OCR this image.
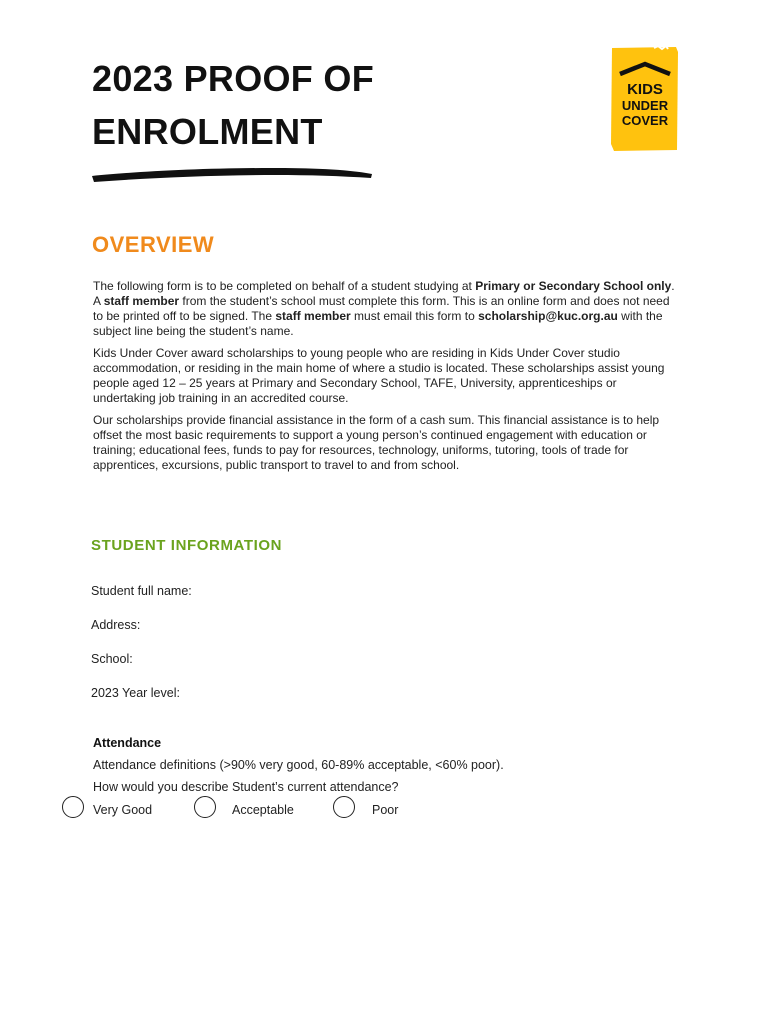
2023 PROOF OF
ENROLMENT
KIDS
UNDER
COVER
OVERVIEW

The following form is to be completed on behalf of a student studying at Primary or Secondary School only. A staff member from the student’s school must complete this form. This is an online form and does not need to be printed off to be signed. The staff member must email this form to scholarship@kuc.org.au with the subject line being the student’s name.

Kids Under Cover award scholarships to young people who are residing in Kids Under Cover studio accommodation, or residing in the main home of where a studio is located. These scholarships assist young people aged 12 – 25 years at Primary and Secondary School, TAFE, University, apprenticeships or undertaking job training in an accredited course.

Our scholarships provide financial assistance in the form of a cash sum. This financial assistance is to help offset the most basic requirements to support a young person’s continued engagement with education or training; educational fees, funds to pay for resources, technology, uniforms, tutoring, tools of trade for apprentices, excursions, public transport to travel to and from school.

STUDENT INFORMATION
Student full name:
Address:
School:
2023 Year level:
Attendance
Attendance definitions (>90% very good, 60-89% acceptable, <60% poor).
How would you describe Student’s current attendance?
Very Good	Acceptable	Poor
